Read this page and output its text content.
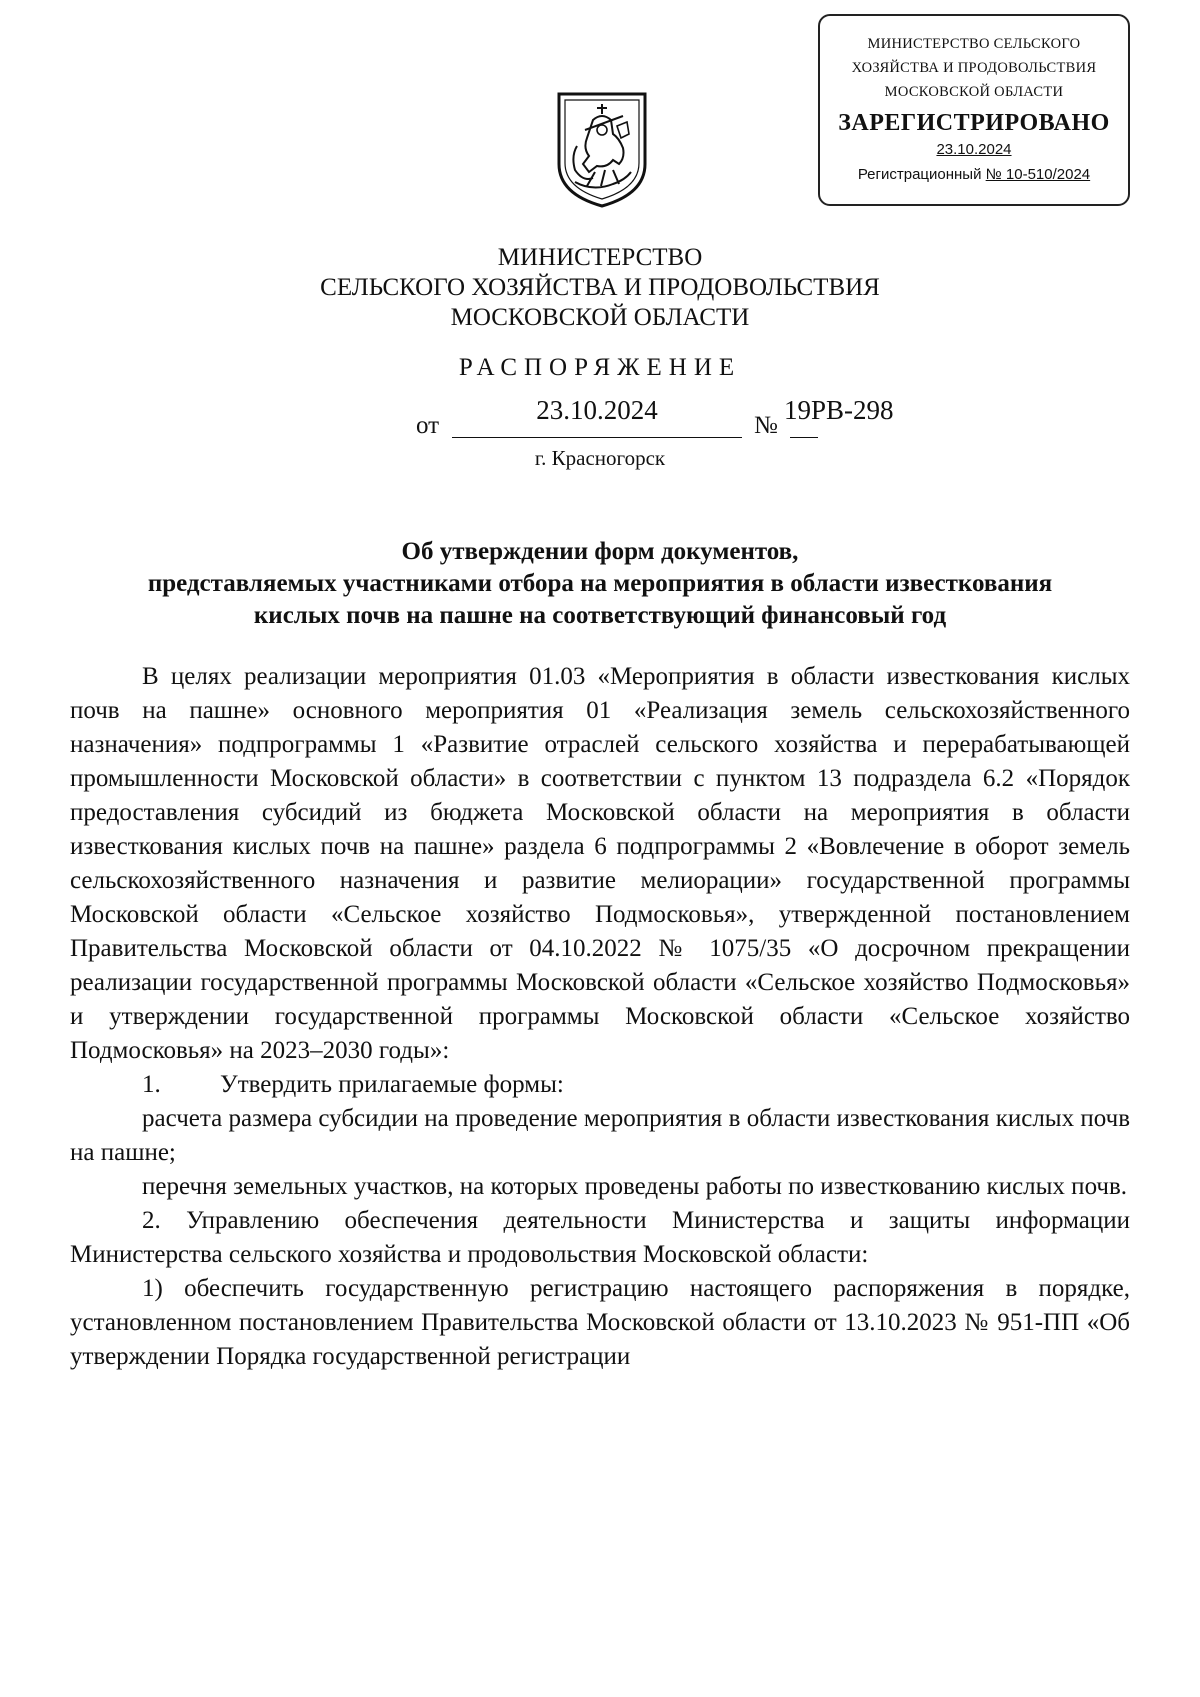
МИНИСТЕРСТВО СЕЛЬСКОГО
ХОЗЯЙСТВА И ПРОДОВОЛЬСТВИЯ
МОСКОВСКОЙ ОБЛАСТИ
ЗАРЕГИСТРИРОВАНО
23.10.2024
Регистрационный № 10-510/2024
МИНИСТЕРСТВО
СЕЛЬСКОГО ХОЗЯЙСТВА И ПРОДОВОЛЬСТВИЯ
МОСКОВСКОЙ ОБЛАСТИ
РАСПОРЯЖЕНИЕ
от
23.10.2024
№
19РВ-298
г. Красногорск
Об утверждении форм документов,
представляемых участниками отбора на мероприятия в области известкования
кислых почв на пашне на соответствующий финансовый год

В целях реализации мероприятия 01.03 «Мероприятия в области известкования кислых почв на пашне» основного мероприятия 01 «Реализация земель сельскохозяйственного назначения» подпрограммы 1 «Развитие отраслей сельского хозяйства и перерабатывающей промышленности Московской области» в соответствии с пунктом 13 подраздела 6.2 «Порядок предоставления субсидий из бюджета Московской области на мероприятия в области известкования кислых почв на пашне» раздела 6 подпрограммы 2 «Вовлечение в оборот земель сельскохозяйственного назначения и развитие мелиорации» государственной программы Московской области «Сельское хозяйство Подмосковья», утвержденной постановлением Правительства Московской области от 04.10.2022 № 1075/35 «О досрочном прекращении реализации государственной программы Московской области «Сельское хозяйство Подмосковья» и утверждении государственной программы Московской области «Сельское хозяйство Подмосковья» на 2023–2030 годы»:

1. Утвердить прилагаемые формы:

расчета размера субсидии на проведение мероприятия в области известкования кислых почв на пашне;

перечня земельных участков, на которых проведены работы по известкованию кислых почв.

2. Управлению обеспечения деятельности Министерства и защиты информации Министерства сельского хозяйства и продовольствия Московской области:

1) обеспечить государственную регистрацию настоящего распоряжения в порядке, установленном постановлением Правительства Московской области от 13.10.2023 № 951-ПП «Об утверждении Порядка государственной регистрации
